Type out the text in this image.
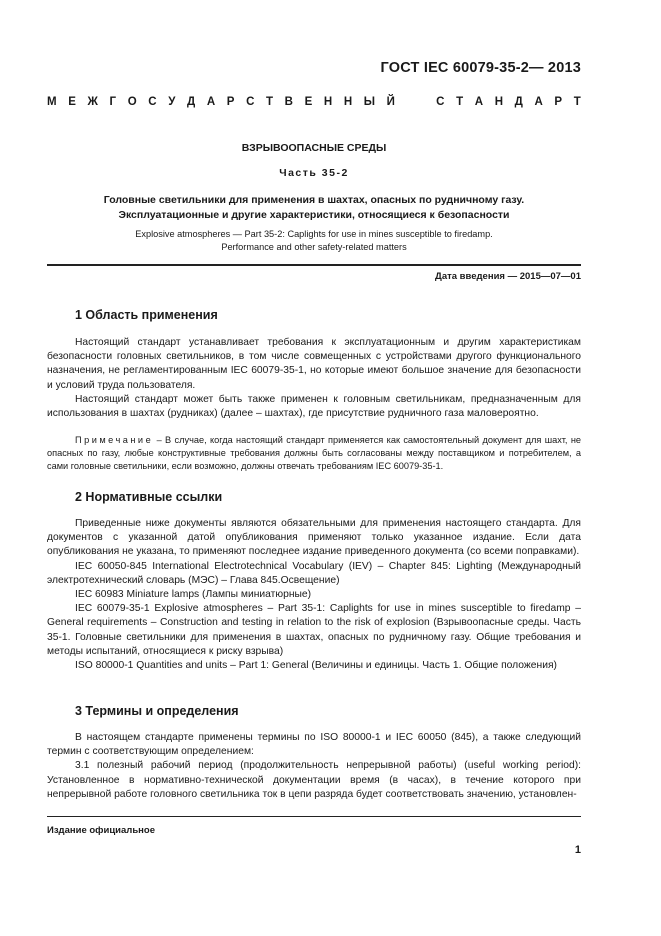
ГОСТ IEC 60079-35-2— 2013
М Е Ж Г О С У Д А Р С Т В Е Н Н Ы Й	С Т А Н Д А Р Т
ВЗРЫВООПАСНЫЕ СРЕДЫ
Часть 35-2
Головные светильники для применения в шахтах, опасных по рудничному газу.
Эксплуатационные и другие характеристики, относящиеся к безопасности
Explosive atmospheres — Part 35-2: Caplights for use in mines susceptible to firedamp.
Performance and other safety-related matters
Дата введения — 2015—07—01
1 Область применения

Настоящий стандарт устанавливает требования к эксплуатационным и другим характеристикам безопасности головных светильников, в том числе совмещенных с устройствами другого функционального назначения, не регламентированным IEC 60079-35-1, но которые имеют большое значение для безопасности и условий труда пользователя.

Настоящий стандарт может быть также применен к головным светильникам, предназначенным для использования в шахтах (рудниках) (далее – шахтах), где присутствие рудничного газа маловероятно.

Примечание – В случае, когда настоящий стандарт применяется как самостоятельный документ для шахт, не опасных по газу, любые конструктивные требования должны быть согласованы между поставщиком и потребителем, а сами головные светильники, если возможно, должны отвечать требованиям IEC 60079-35-1.
2 Нормативные ссылки

Приведенные ниже документы являются обязательными для применения настоящего стандарта. Для документов с указанной датой опубликования применяют только указанное издание. Если дата опубликования не указана, то применяют последнее издание приведенного документа (со всеми поправками).

IEC 60050-845 International Electrotechnical Vocabulary (IEV) – Chapter 845: Lighting (Международный электротехнический словарь (МЭС) – Глава 845.Освещение)

IEC 60983 Miniature lamps (Лампы миниатюрные)

IEC 60079-35-1 Explosive atmospheres – Part 35-1: Caplights for use in mines susceptible to firedamp – General requirements – Construction and testing in relation to the risk of explosion (Взрывоопасные среды. Часть 35-1. Головные светильники для применения в шахтах, опасных по рудничному газу. Общие требования и методы испытаний, относящиеся к риску взрыва)

ISO 80000-1 Quantities and units – Part 1: General (Величины и единицы. Часть 1. Общие положения)

3 Термины и определения

В настоящем стандарте применены термины по ISO 80000-1 и IEC 60050 (845), а также следующий термин с соответствующим определением:

3.1 полезный рабочий период (продолжительность непрерывной работы) (useful working period): Установленное в нормативно-технической документации время (в часах), в течение которого при непрерывной работе головного светильника ток в цепи разряда будет соответствовать значению, установлен-

Издание официальное
1
